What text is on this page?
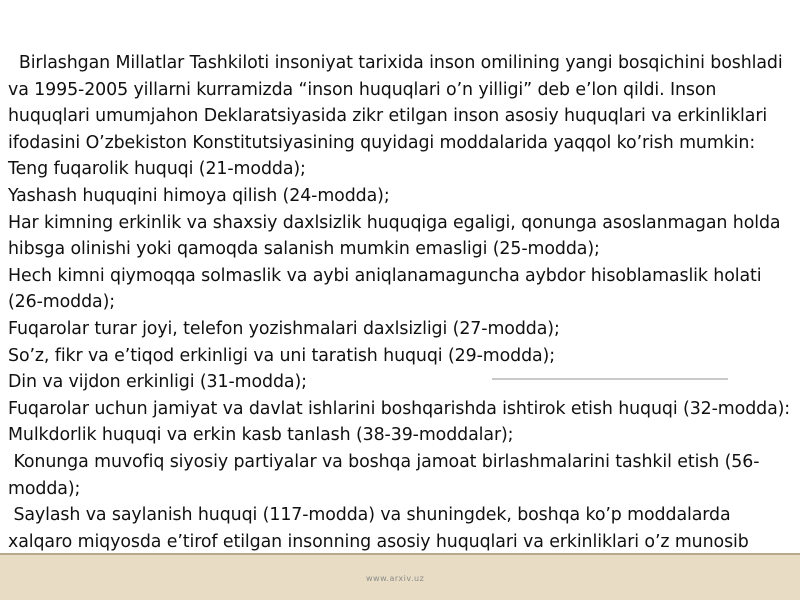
Birlashgan Millatlar Tashkiloti insoniyat tarixida inson omilining yangi bosqichini boshladi va 1995-2005 yillarni kurramizda “inson huquqlari o’n yilligi” deb e’lon qildi. Inson huquqlari umumjahon Deklaratsiyasida zikr etilgan inson asosiy huquqlari va erkinliklari ifodasini O’zbekiston Konstitutsiyasining quyidagi moddalarida yaqqol ko’rish mumkin:

Teng fuqarolik huquqi (21-modda);

Yashash huquqini himoya qilish (24-modda);

Har kimning erkinlik va shaxsiy daxlsizlik huquqiga egaligi, qonunga asoslanmagan holda hibsga olinishi yoki qamoqda salanish mumkin emasligi (25-modda);

Hech kimni qiymoqqa solmaslik va aybi aniqlanamaguncha aybdor hisoblamaslik holati (26-modda);

Fuqarolar turar joyi, telefon yozishmalari daxlsizligi (27-modda);

So’z, fikr va e’tiqod erkinligi va uni taratish huquqi (29-modda);

Din va vijdon erkinligi (31-modda);

Fuqarolar uchun jamiyat va davlat ishlarini boshqarishda ishtirok etish huquqi (32-modda):

Mulkdorlik huquqi va erkin kasb tanlash (38-39-moddalar);

Konunga muvofiq siyosiy partiyalar va boshqa jamoat birlashmalarini tashkil etish (56-modda);

Saylash va saylanish huquqi (117-modda) va shuningdek, boshqa ko’p moddalarda xalqaro miqyosda e’tirof etilgan insonning asosiy huquqlari va erkinliklari o’z munosib

www.arxiv.uz
